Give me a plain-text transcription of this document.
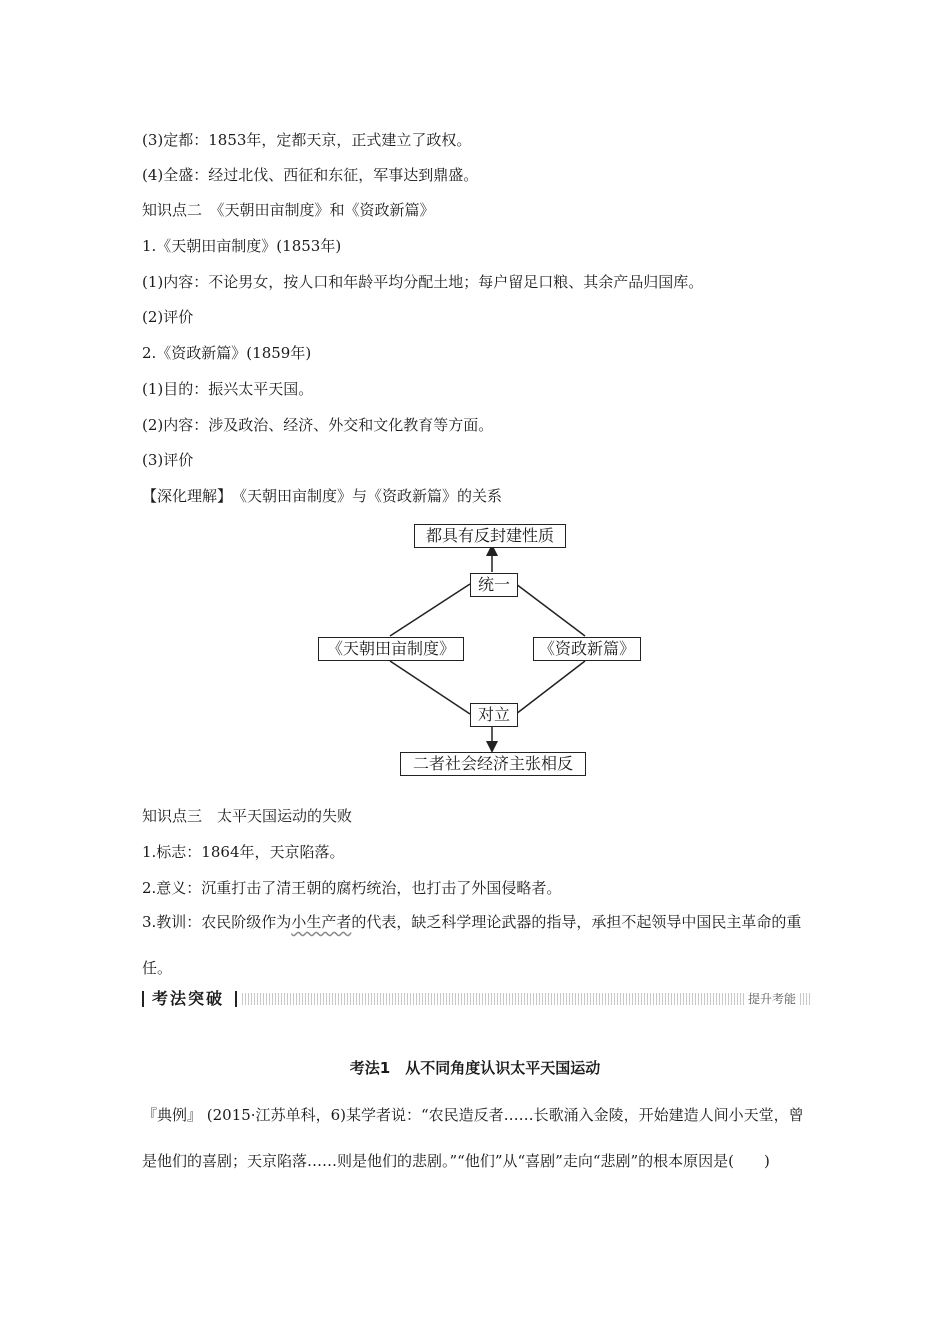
(3)定都：1853年，定都天京，正式建立了政权。
(4)全盛：经过北伐、西征和东征，军事达到鼎盛。
知识点二　《天朝田亩制度》和《资政新篇》
1.《天朝田亩制度》(1853年)
(1)内容：不论男女，按人口和年龄平均分配土地；每户留足口粮、其余产品归国库。
(2)评价
2.《资政新篇》(1859年)
(1)目的：振兴太平天国。
(2)内容：涉及政治、经济、外交和文化教育等方面。
(3)评价
【深化理解】　《天朝田亩制度》与《资政新篇》的关系
都具有反封建性质
统一
《天朝田亩制度》	《资政新篇》
对立
二者社会经济主张相反
知识点三　太平天国运动的失败
1.标志：1864年，天京陷落。
2.意义：沉重打击了清王朝的腐朽统治，也打击了外国侵略者。
3.教训：农民阶级作为小生产者的代表，缺乏科学理论武器的指导，承担不起领导中国民主革命的重任。
考法突破	提升考能
考法1　从不同角度认识太平天国运动
『典例』 (2015·江苏单科，6)某学者说：“农民造反者……长歌涌入金陵，开始建造人间小天堂，曾是他们的喜剧；天京陷落……则是他们的悲剧。”“他们”从“喜剧”走向“悲剧”的根本原因是(　　)
